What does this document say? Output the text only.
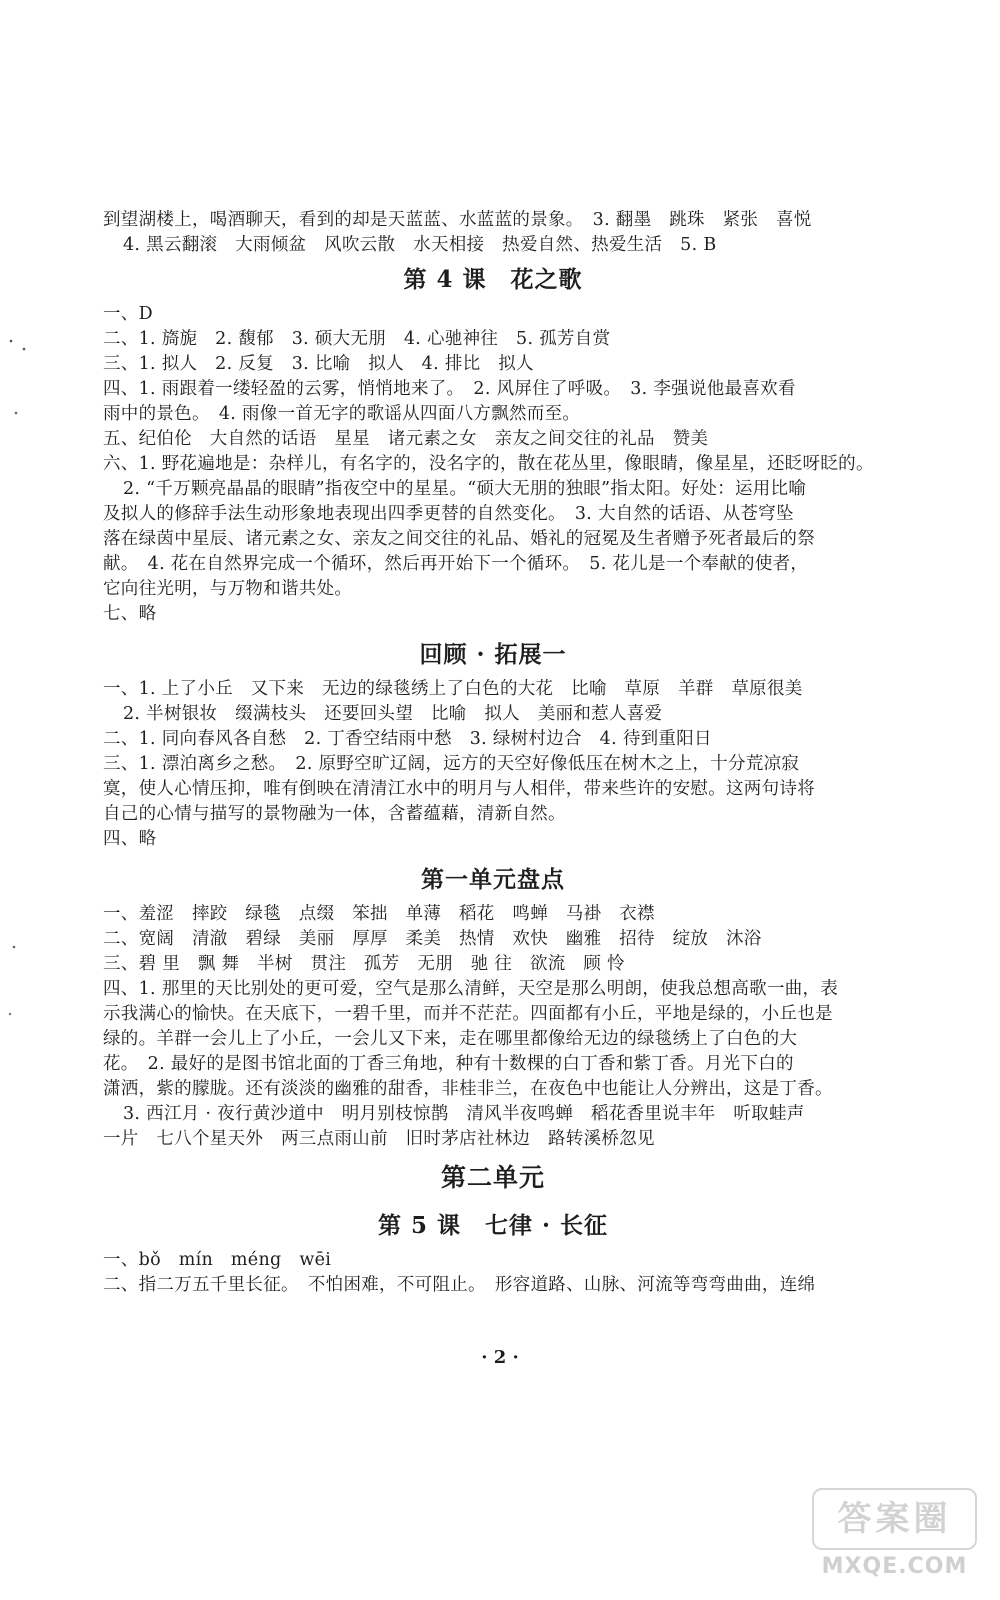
到望湖楼上，喝酒聊天，看到的却是天蓝蓝、水蓝蓝的景象。　3. 翻墨　跳珠　紧张　喜悦
4. 黑云翻滚　大雨倾盆　风吹云散　水天相接　热爱自然、热爱生活　5. B
第 4 课　花之歌
一、D
二、1. 旖旎　2. 馥郁　3. 硕大无朋　4. 心驰神往　5. 孤芳自赏
三、1. 拟人　2. 反复　3. 比喻　拟人　4. 排比　拟人
四、1. 雨跟着一缕轻盈的云雾，悄悄地来了。　2. 风屏住了呼吸。　3. 李强说他最喜欢看
雨中的景色。　4. 雨像一首无字的歌谣从四面八方飘然而至。
五、纪伯伦　大自然的话语　星星　诸元素之女　亲友之间交往的礼品　赞美
六、1. 野花遍地是：杂样儿，有名字的，没名字的，散在花丛里，像眼睛，像星星，还眨呀眨的。
2. “千万颗亮晶晶的眼睛”指夜空中的星星。“硕大无朋的独眼”指太阳。好处：运用比喻
及拟人的修辞手法生动形象地表现出四季更替的自然变化。　3. 大自然的话语、从苍穹坠
落在绿茵中星辰、诸元素之女、亲友之间交往的礼品、婚礼的冠冕及生者赠予死者最后的祭
献。　4. 花在自然界完成一个循环，然后再开始下一个循环。　5. 花儿是一个奉献的使者，
它向往光明，与万物和谐共处。
七、略
回顾 · 拓展一
一、1. 上了小丘　又下来　无边的绿毯绣上了白色的大花　比喻　草原　羊群　草原很美
2. 半树银妆　缀满枝头　还要回头望　比喻　拟人　美丽和惹人喜爱
二、1. 同向春风各自愁　2. 丁香空结雨中愁　3. 绿树村边合　4. 待到重阳日
三、1. 漂泊离乡之愁。　2. 原野空旷辽阔，远方的天空好像低压在树木之上，十分荒凉寂
寞，使人心情压抑，唯有倒映在清清江水中的明月与人相伴，带来些许的安慰。这两句诗将
自己的心情与描写的景物融为一体，含蓄蕴藉，清新自然。
四、略
第一单元盘点
一、羞涩　摔跤　绿毯　点缀　笨拙　单薄　稻花　鸣蝉　马褂　衣襟
二、宽阔　清澈　碧绿　美丽　厚厚　柔美　热情　欢快　幽雅　招待　绽放　沐浴
三、碧 里　飘 舞　半树　贯注　孤芳　无朋　驰 往　欲流　顾 怜
四、1. 那里的天比别处的更可爱，空气是那么清鲜，天空是那么明朗，使我总想高歌一曲，表
示我满心的愉快。在天底下，一碧千里，而并不茫茫。四面都有小丘，平地是绿的，小丘也是
绿的。羊群一会儿上了小丘，一会儿又下来，走在哪里都像给无边的绿毯绣上了白色的大
花。　2. 最好的是图书馆北面的丁香三角地，种有十数棵的白丁香和紫丁香。月光下白的
潇洒，紫的朦胧。还有淡淡的幽雅的甜香，非桂非兰，在夜色中也能让人分辨出，这是丁香。
3. 西江月 · 夜行黄沙道中　明月别枝惊鹊　清风半夜鸣蝉　稻花香里说丰年　听取蛙声
一片　七八个星天外　两三点雨山前　旧时茅店社林边　路转溪桥忽见
第二单元
第 5 课　七律 · 长征
一、bǒ　mín　méng　wēi
二、指二万五千里长征。　不怕困难，不可阻止。　形容道路、山脉、河流等弯弯曲曲，连绵
· 2 ·
答案圈
MXQE.COM
